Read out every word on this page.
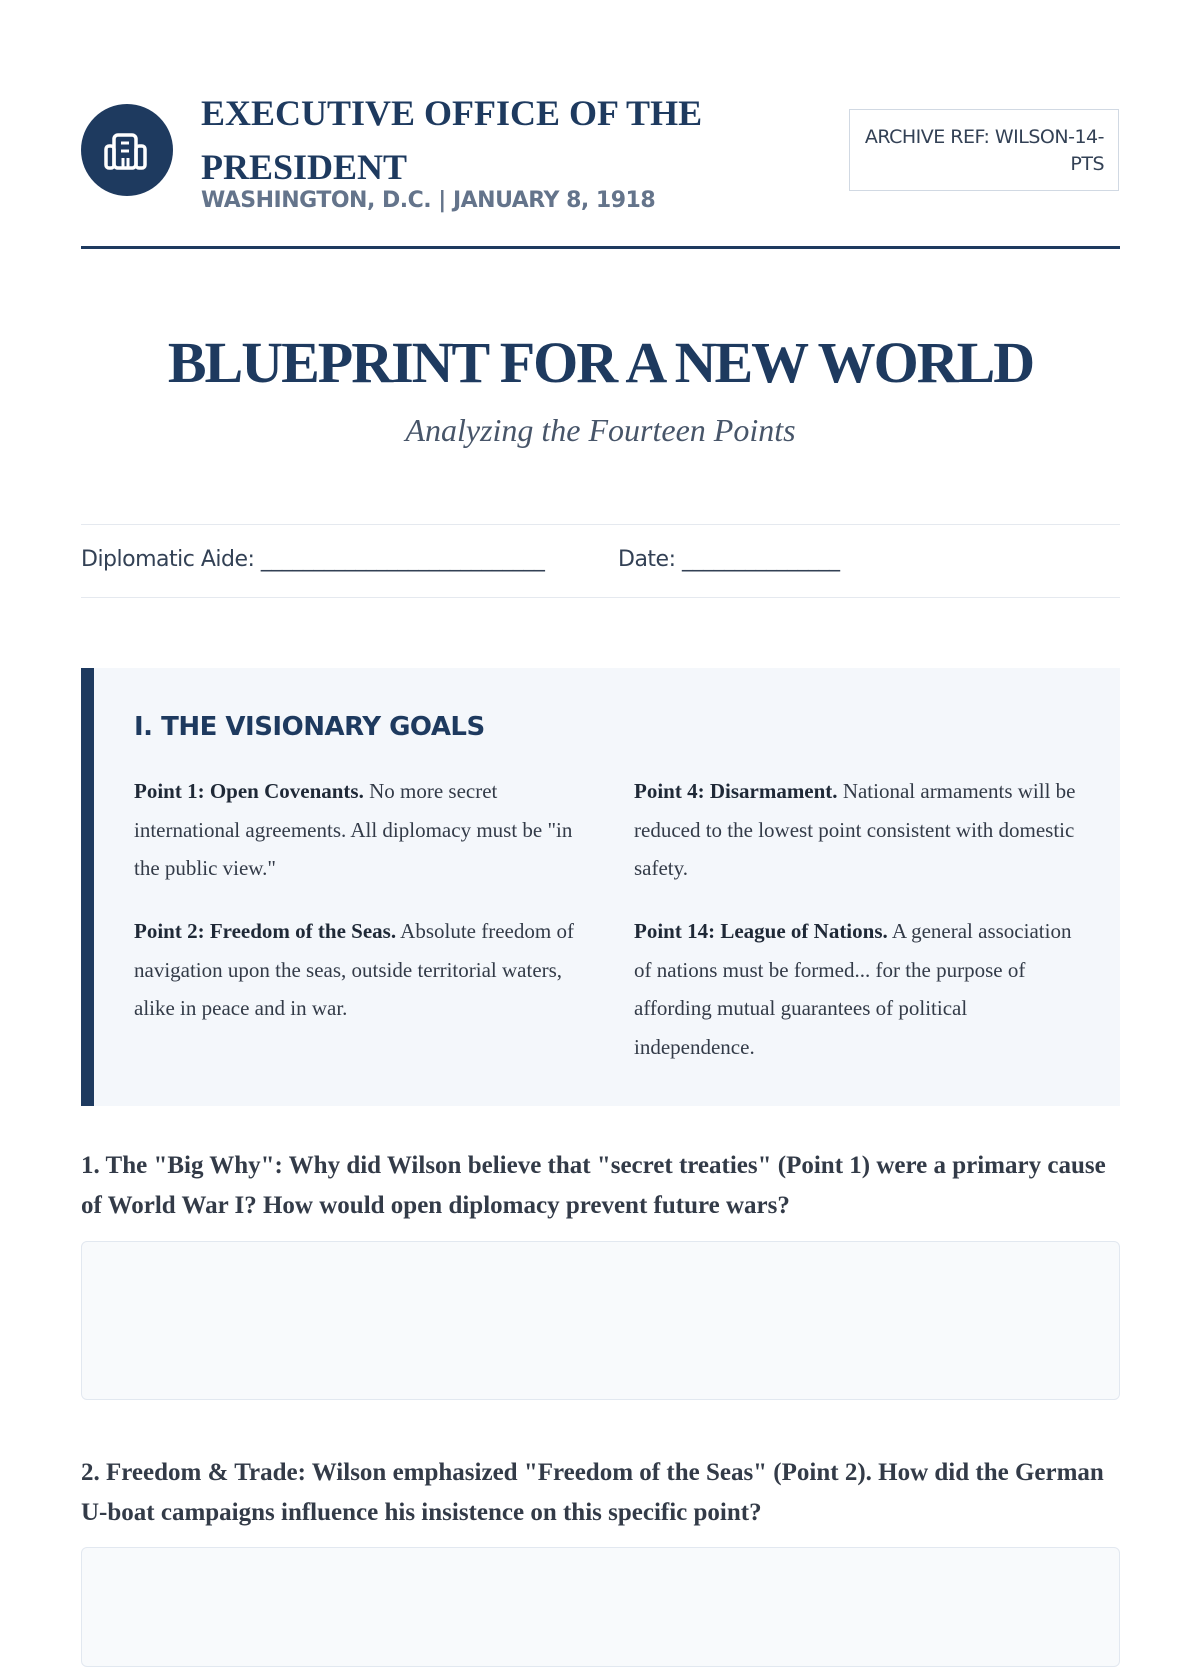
EXECUTIVE OFFICE OF THE PRESIDENT
WASHINGTON, D.C. | JANUARY 8, 1918
ARCHIVE REF: WILSON-14-PTS
BLUEPRINT FOR A NEW WORLD
Analyzing the Fourteen Points
Diplomatic Aide: ___________________________	Date: _______________
I. THE VISIONARY GOALS

Point 1: Open Covenants. No more secret international agreements. All diplomacy must be "in the public view."

Point 2: Freedom of the Seas. Absolute freedom of navigation upon the seas, outside territorial waters, alike in peace and in war.

Point 4: Disarmament. National armaments will be reduced to the lowest point consistent with domestic safety.

Point 14: League of Nations. A general association of nations must be formed... for the purpose of affording mutual guarantees of political independence.

1. The "Big Why": Why did Wilson believe that "secret treaties" (Point 1) were a primary cause of World War I? How would open diplomacy prevent future wars?

2. Freedom & Trade: Wilson emphasized "Freedom of the Seas" (Point 2). How did the German U-boat campaigns influence his insistence on this specific point?
